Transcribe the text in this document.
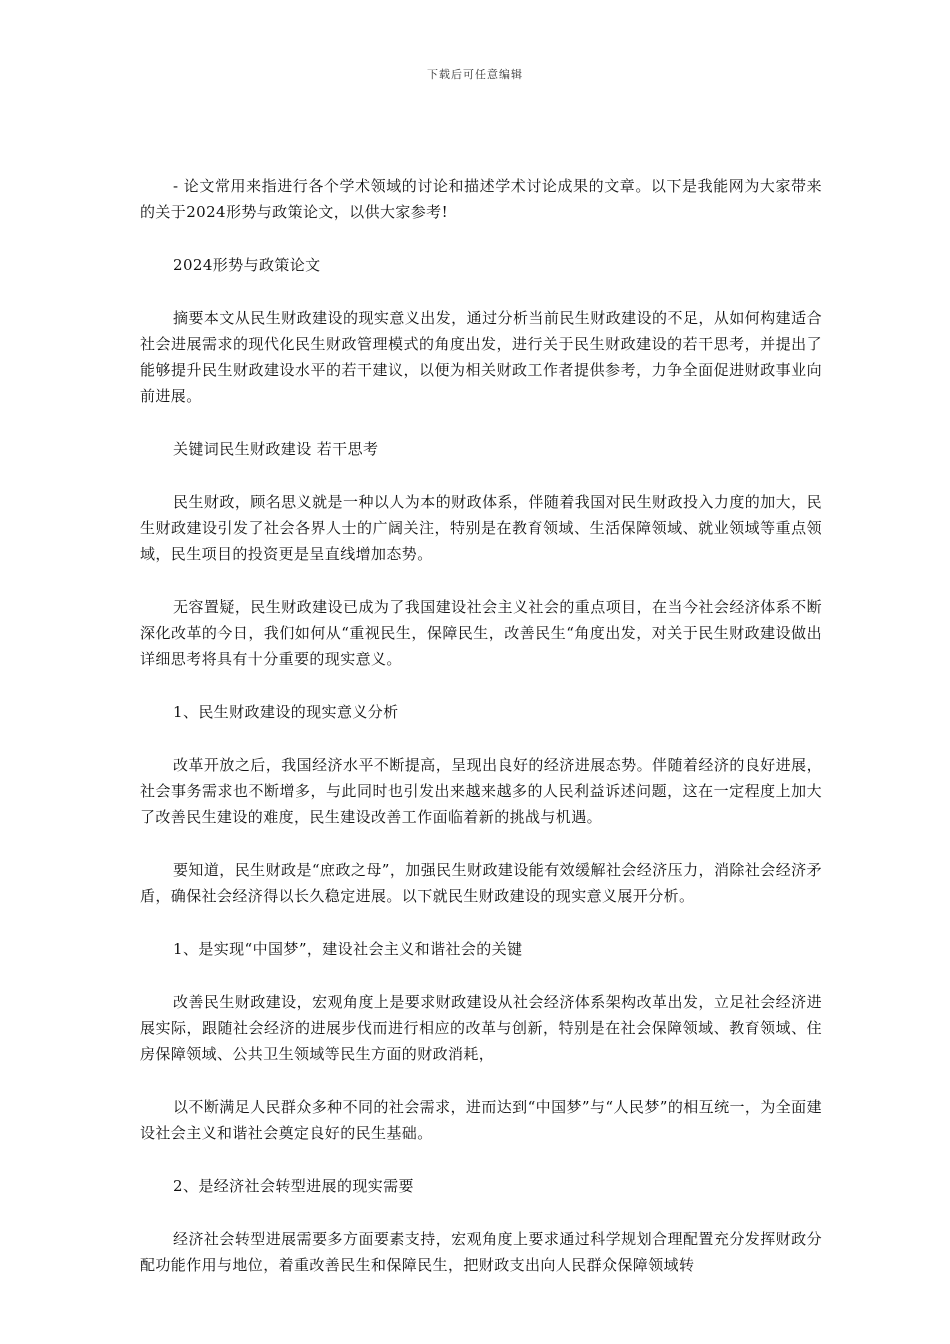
下载后可任意编辑

- 论文常用来指进行各个学术领域的讨论和描述学术讨论成果的文章。以下是我能网为大家带来的关于2024形势与政策论文，以供大家参考!

2024形势与政策论文

摘要本文从民生财政建设的现实意义出发，通过分析当前民生财政建设的不足，从如何构建适合社会进展需求的现代化民生财政管理模式的角度出发，进行关于民生财政建设的若干思考，并提出了能够提升民生财政建设水平的若干建议，以便为相关财政工作者提供参考，力争全面促进财政事业向前进展。

关键词民生财政建设 若干思考

民生财政，顾名思义就是一种以人为本的财政体系，伴随着我国对民生财政投入力度的加大，民生财政建设引发了社会各界人士的广阔关注，特别是在教育领域、生活保障领域、就业领域等重点领域，民生项目的投资更是呈直线增加态势。

无容置疑，民生财政建设已成为了我国建设社会主义社会的重点项目，在当今社会经济体系不断深化改革的今日，我们如何从“重视民生，保障民生，改善民生“角度出发，对关于民生财政建设做出详细思考将具有十分重要的现实意义。

1、民生财政建设的现实意义分析

改革开放之后，我国经济水平不断提高，呈现出良好的经济进展态势。伴随着经济的良好进展，社会事务需求也不断增多，与此同时也引发出来越来越多的人民利益诉述问题，这在一定程度上加大了改善民生建设的难度，民生建设改善工作面临着新的挑战与机遇。

要知道，民生财政是“庶政之母”，加强民生财政建设能有效缓解社会经济压力，消除社会经济矛盾，确保社会经济得以长久稳定进展。以下就民生财政建设的现实意义展开分析。

1、是实现“中国梦”，建设社会主义和谐社会的关键

改善民生财政建设，宏观角度上是要求财政建设从社会经济体系架构改革出发，立足社会经济进展实际，跟随社会经济的进展步伐而进行相应的改革与创新，特别是在社会保障领域、教育领域、住房保障领域、公共卫生领域等民生方面的财政消耗，

以不断满足人民群众多种不同的社会需求，进而达到“中国梦”与“人民梦”的相互统一，为全面建设社会主义和谐社会奠定良好的民生基础。

2、是经济社会转型进展的现实需要

经济社会转型进展需要多方面要素支持，宏观角度上要求通过科学规划合理配置充分发挥财政分配功能作用与地位，着重改善民生和保障民生，把财政支出向人民群众保障领域转
